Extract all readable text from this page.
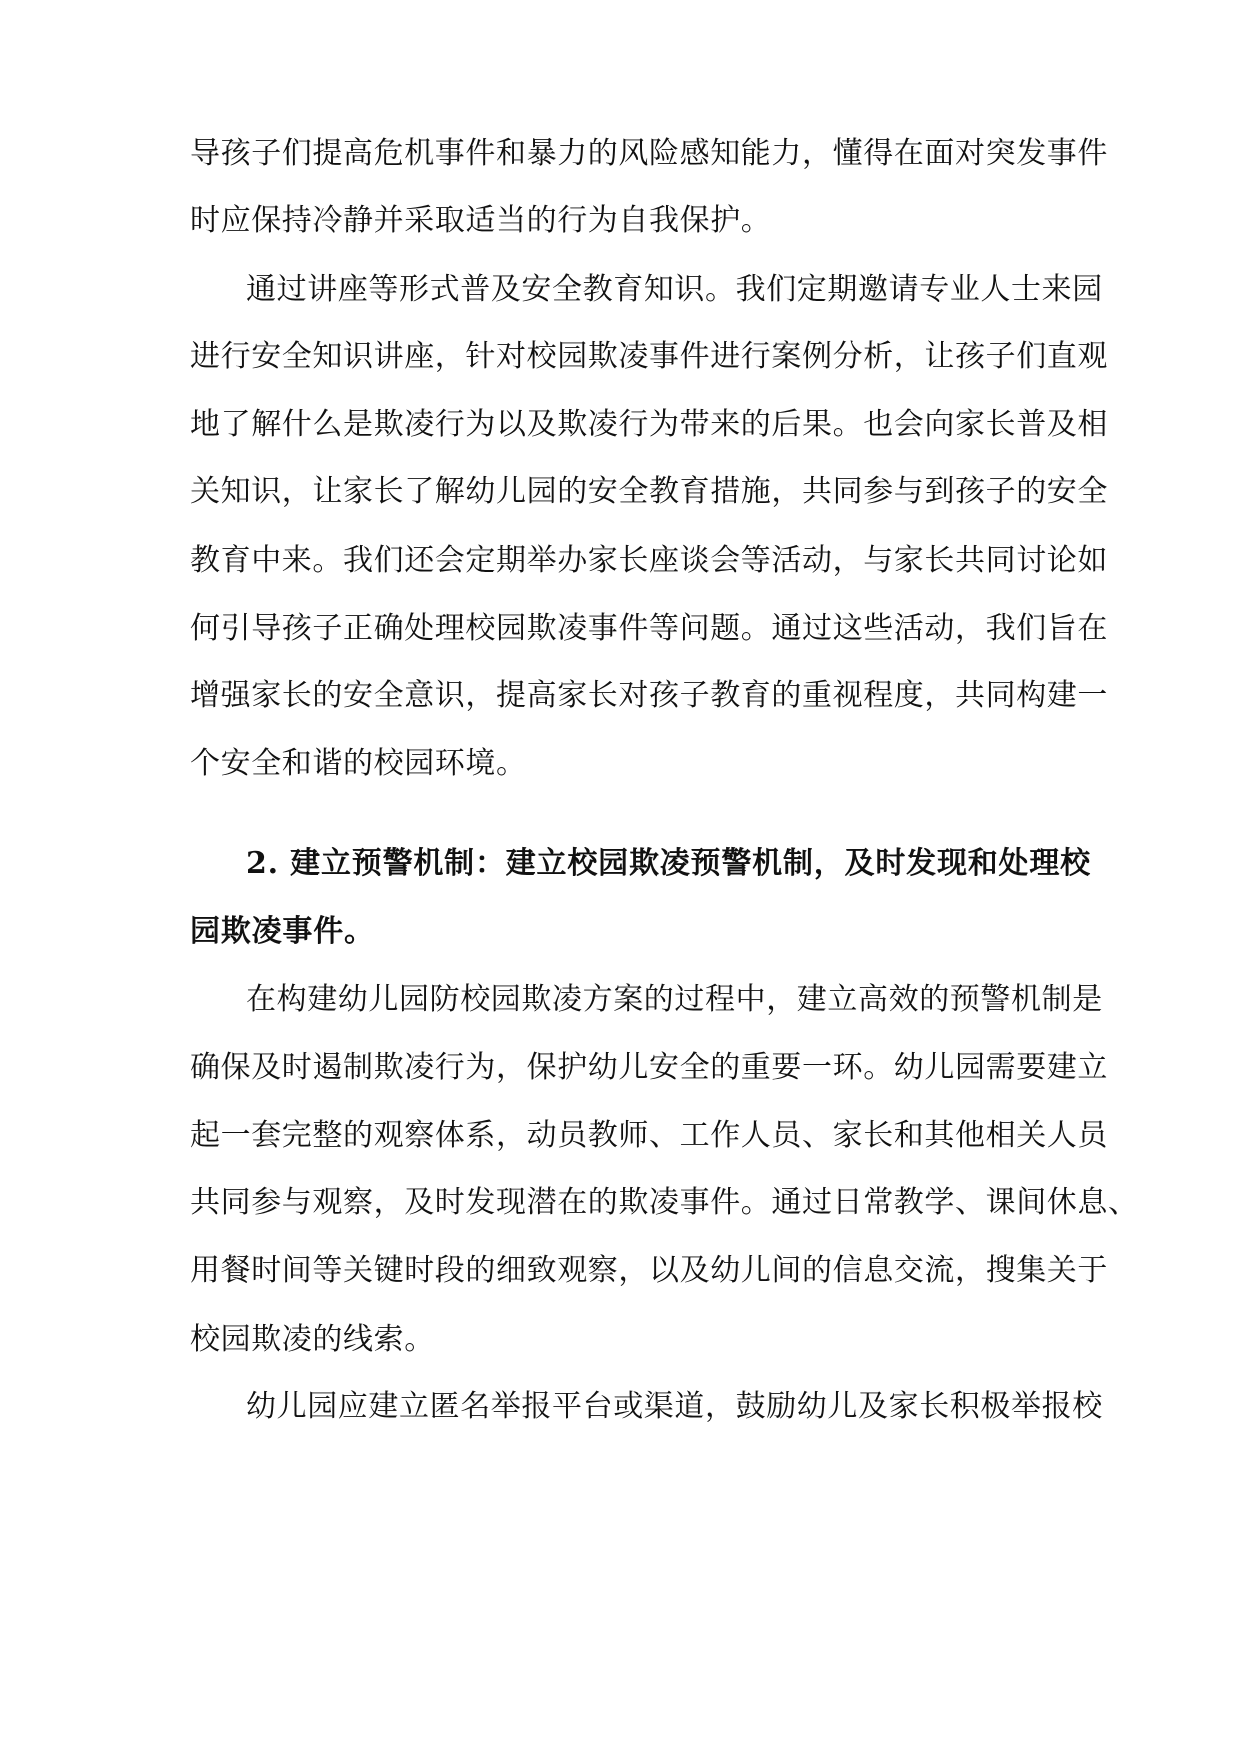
导孩子们提高危机事件和暴力的风险感知能力，懂得在面对突发事件
时应保持冷静并采取适当的行为自我保护。
通过讲座等形式普及安全教育知识。我们定期邀请专业人士来园
进行安全知识讲座，针对校园欺凌事件进行案例分析，让孩子们直观
地了解什么是欺凌行为以及欺凌行为带来的后果。也会向家长普及相
关知识，让家长了解幼儿园的安全教育措施，共同参与到孩子的安全
教育中来。我们还会定期举办家长座谈会等活动，与家长共同讨论如
何引导孩子正确处理校园欺凌事件等问题。通过这些活动，我们旨在
增强家长的安全意识，提高家长对孩子教育的重视程度，共同构建一
个安全和谐的校园环境。
2. 建立预警机制：建立校园欺凌预警机制，及时发现和处理校
园欺凌事件。
在构建幼儿园防校园欺凌方案的过程中，建立高效的预警机制是
确保及时遏制欺凌行为，保护幼儿安全的重要一环。幼儿园需要建立
起一套完整的观察体系，动员教师、工作人员、家长和其他相关人员
共同参与观察，及时发现潜在的欺凌事件。通过日常教学、课间休息、
用餐时间等关键时段的细致观察，以及幼儿间的信息交流，搜集关于
校园欺凌的线索。
幼儿园应建立匿名举报平台或渠道，鼓励幼儿及家长积极举报校
